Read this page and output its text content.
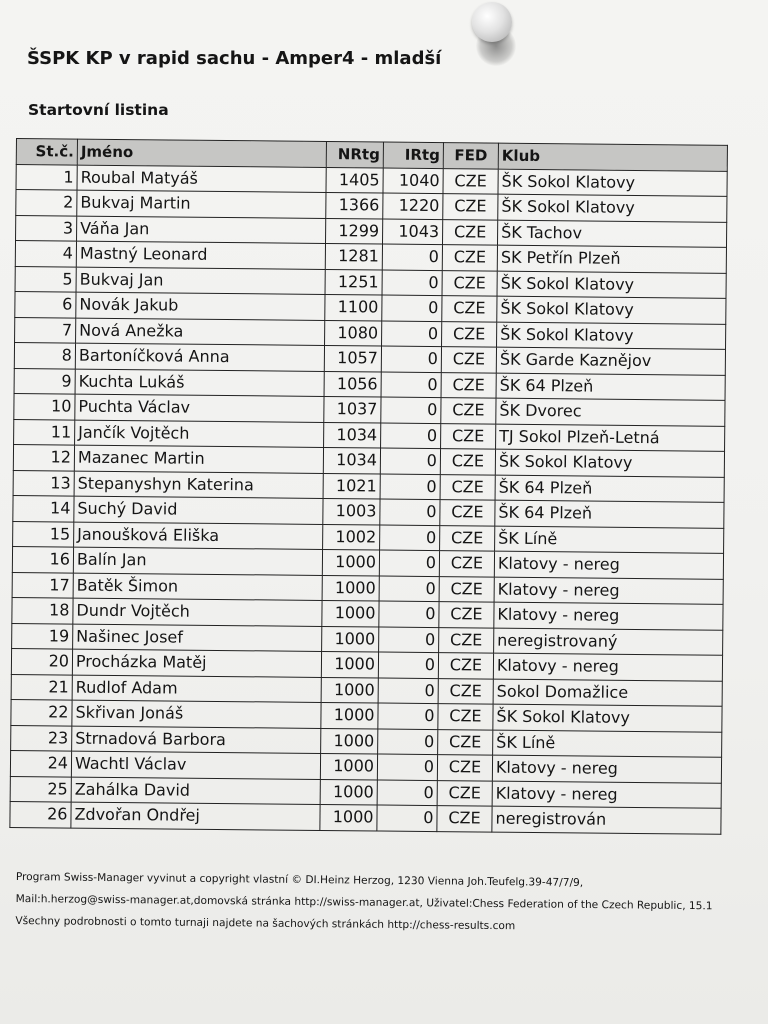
ŠSPK KP v rapid sachu - Amper4 - mladší
Startovní listina
St.č.	Jméno	NRtg	IRtg	FED	Klub
1	Roubal Matyáš	1405	1040	CZE	ŠK Sokol Klatovy
2	Bukvaj Martin	1366	1220	CZE	ŠK Sokol Klatovy
3	Váňa Jan	1299	1043	CZE	ŠK Tachov
4	Mastný Leonard	1281	0	CZE	SK Petřín Plzeň
5	Bukvaj Jan	1251	0	CZE	ŠK Sokol Klatovy
6	Novák Jakub	1100	0	CZE	ŠK Sokol Klatovy
7	Nová Anežka	1080	0	CZE	ŠK Sokol Klatovy
8	Bartoníčková Anna	1057	0	CZE	ŠK Garde Kaznějov
9	Kuchta Lukáš	1056	0	CZE	ŠK 64 Plzeň
10	Puchta Václav	1037	0	CZE	ŠK Dvorec
11	Jančík Vojtěch	1034	0	CZE	TJ Sokol Plzeň-Letná
12	Mazanec Martin	1034	0	CZE	ŠK Sokol Klatovy
13	Stepanyshyn Katerina	1021	0	CZE	ŠK 64 Plzeň
14	Suchý David	1003	0	CZE	ŠK 64 Plzeň
15	Janoušková Eliška	1002	0	CZE	ŠK Líně
16	Balín Jan	1000	0	CZE	Klatovy - nereg
17	Batěk Šimon	1000	0	CZE	Klatovy - nereg
18	Dundr Vojtěch	1000	0	CZE	Klatovy - nereg
19	Našinec Josef	1000	0	CZE	neregistrovaný
20	Procházka Matěj	1000	0	CZE	Klatovy - nereg
21	Rudlof Adam	1000	0	CZE	Sokol Domažlice
22	Skřivan Jonáš	1000	0	CZE	ŠK Sokol Klatovy
23	Strnadová Barbora	1000	0	CZE	ŠK Líně
24	Wachtl Václav	1000	0	CZE	Klatovy - nereg
25	Zahálka David	1000	0	CZE	Klatovy - nereg
26	Zdvořan Ondřej	1000	0	CZE	neregistrován
Program Swiss-Manager vyvinut a copyright vlastní © DI.Heinz Herzog, 1230 Vienna Joh.Teufelg.39-47/7/9,
Mail:h.herzog@swiss-manager.at,domovská stránka http://swiss-manager.at, Uživatel:Chess Federation of the Czech Republic, 15.1
Všechny podrobnosti o tomto turnaji najdete na šachových stránkách http://chess-results.com
